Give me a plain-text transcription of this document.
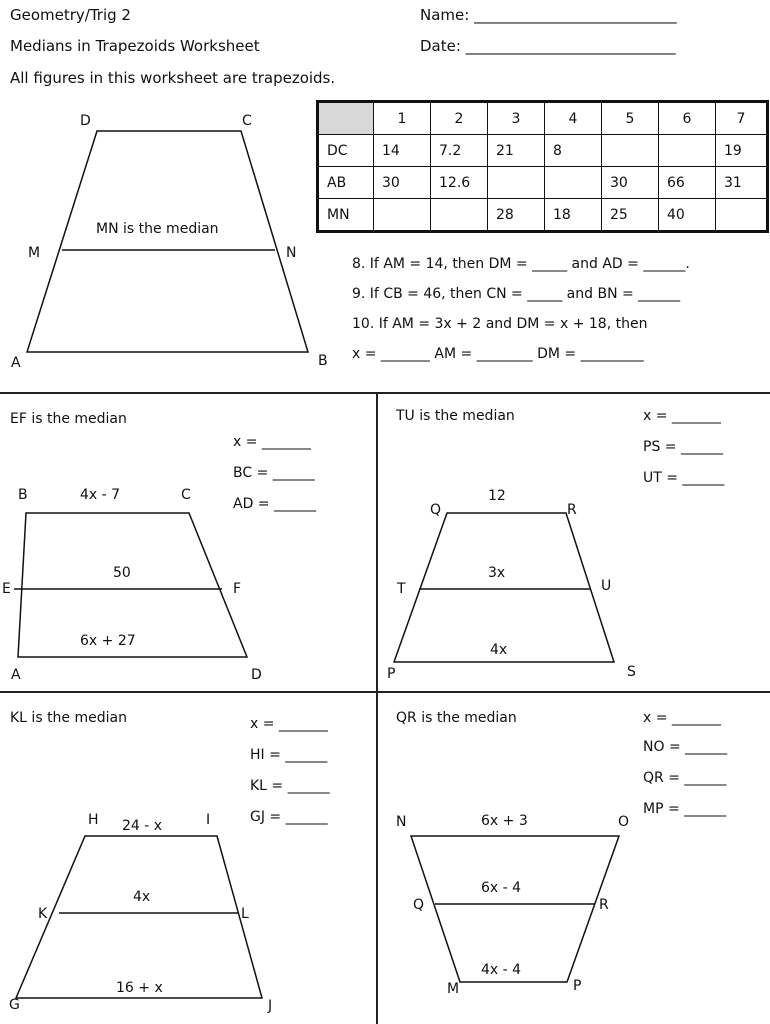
Geometry/Trig 2
Medians in Trapezoids Worksheet
All figures in this worksheet are trapezoids.
Name: ___________________________
Date: ____________________________
D	C
M	N
A	B
MN is the median
	1	2	3	4	5	6	7
DC	14	7.2	21	8			19
AB	30	12.6			30	66	31
MN			28	18	25	40	
8. If AM = 14, then DM = _____ and AD = ______.
9. If CB = 46, then CN = _____ and BN = ______
10. If AM = 3x + 2 and DM = x + 18, then
x = _______ AM = ________ DM = _________
EF is the median
x = _______
BC = ______
AD = ______
B	C
E	F
A	D
4x - 7
50
6x + 27
TU is the median	x = _______
PS = ______
UT = ______
Q	R
T	U
P	S
12
3x
4x
KL is the median	x = _______
HI = ______
KL = ______
GJ = ______
H	I
K	L
G	J
24 - x
4x
16 + x
QR is the median	x = _______
NO = ______
QR = ______
MP = ______
N	O
Q	R
M	P
6x + 3
6x - 4
4x - 4
